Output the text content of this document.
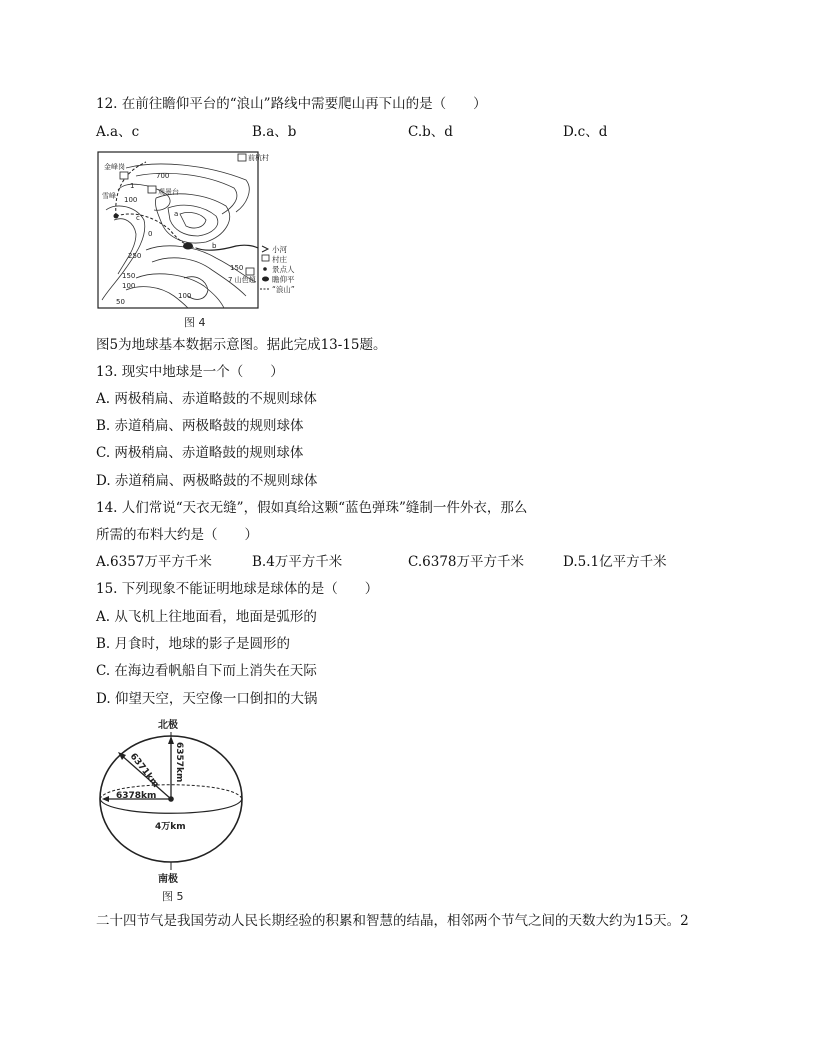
12. 在前往瞻仰平台的“浪山”路线中需要爬山再下山的是（　　）
A.a、c	B.a、b	C.b、d	D.c、d
前杭村
金峰岗
700
1
雪峰	观景台
100
a
c
0
250
b
150
100
50
100
7 山色超
150
小河
村庄
景点人
瞻仰平
“浪山”
图 4
图5为地球基本数据示意图。据此完成13-15题。
13. 现实中地球是一个（　　）
A. 两极稍扁、赤道略鼓的不规则球体
B. 赤道稍扁、两极略鼓的规则球体
C. 两极稍扁、赤道略鼓的规则球体
D. 赤道稍扁、两极略鼓的不规则球体
14. 人们常说“天衣无缝”，假如真给这颗“蓝色弹珠”缝制一件外衣，那么
所需的布料大约是（　　）
A.6357万平方千米	B.4万平方千米	C.6378万平方千米	D.5.1亿平方千米
15. 下列现象不能证明地球是球体的是（　　）
A. 从飞机上往地面看，地面是弧形的
B. 月食时，地球的影子是圆形的
C. 在海边看帆船自下而上消失在天际
D. 仰望天空，天空像一口倒扣的大锅
北极
6371km 6357km
6378km
4万km
南极
图 5
二十四节气是我国劳动人民长期经验的积累和智慧的结晶，相邻两个节气之间的天数大约为15天。2
